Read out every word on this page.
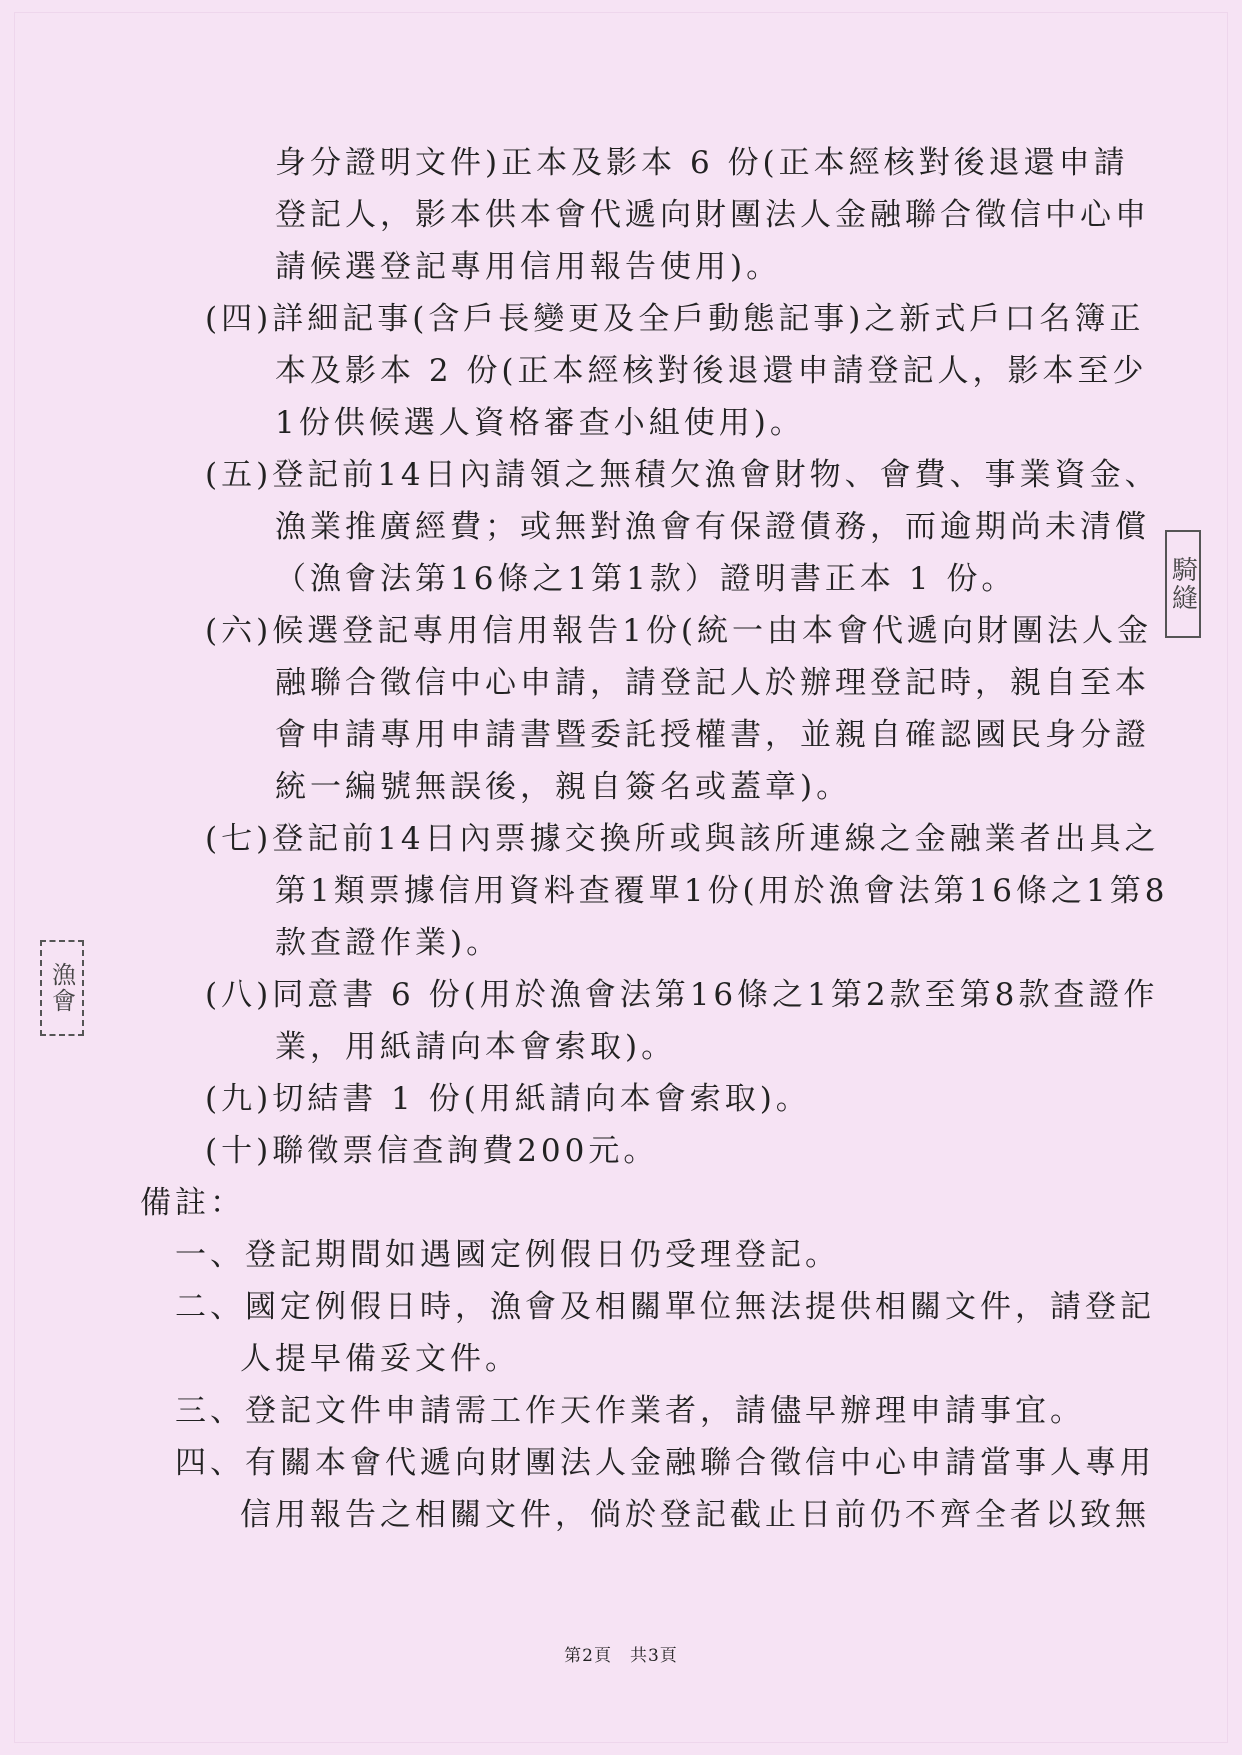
身分證明文件)正本及影本 6 份(正本經核對後退還申請
登記人，影本供本會代遞向財團法人金融聯合徵信中心申
請候選登記專用信用報告使用)。
(四)詳細記事(含戶長變更及全戶動態記事)之新式戶口名簿正
本及影本 2 份(正本經核對後退還申請登記人，影本至少
1份供候選人資格審查小組使用)。
(五)登記前14日內請領之無積欠漁會財物、會費、事業資金、
漁業推廣經費；或無對漁會有保證債務，而逾期尚未清償
（漁會法第16條之1第1款）證明書正本 1 份。
(六)候選登記專用信用報告1份(統一由本會代遞向財團法人金
融聯合徵信中心申請，請登記人於辦理登記時，親自至本
會申請專用申請書暨委託授權書，並親自確認國民身分證
統一編號無誤後，親自簽名或蓋章)。
(七)登記前14日內票據交換所或與該所連線之金融業者出具之
第1類票據信用資料查覆單1份(用於漁會法第16條之1第8
款查證作業)。
(八)同意書 6 份(用於漁會法第16條之1第2款至第8款查證作
業，用紙請向本會索取)。
(九)切結書 1 份(用紙請向本會索取)。
(十)聯徵票信查詢費200元。
備註：
一、登記期間如遇國定例假日仍受理登記。
二、國定例假日時，漁會及相關單位無法提供相關文件，請登記
人提早備妥文件。
三、登記文件申請需工作天作業者，請儘早辦理申請事宜。
四、有關本會代遞向財團法人金融聯合徵信中心申請當事人專用
信用報告之相關文件，倘於登記截止日前仍不齊全者以致無
騎縫
漁會
第2頁　共3頁
